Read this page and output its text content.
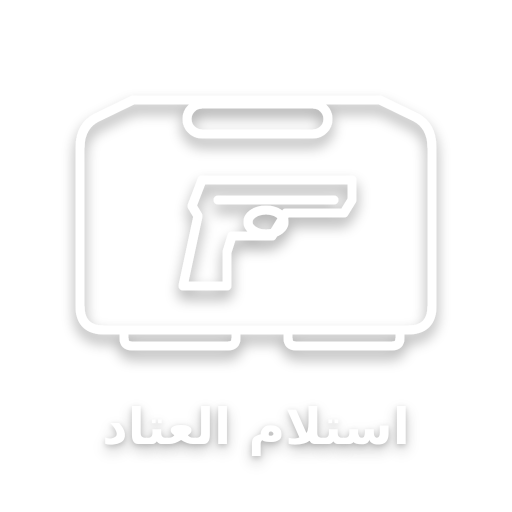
استلام العتاد
